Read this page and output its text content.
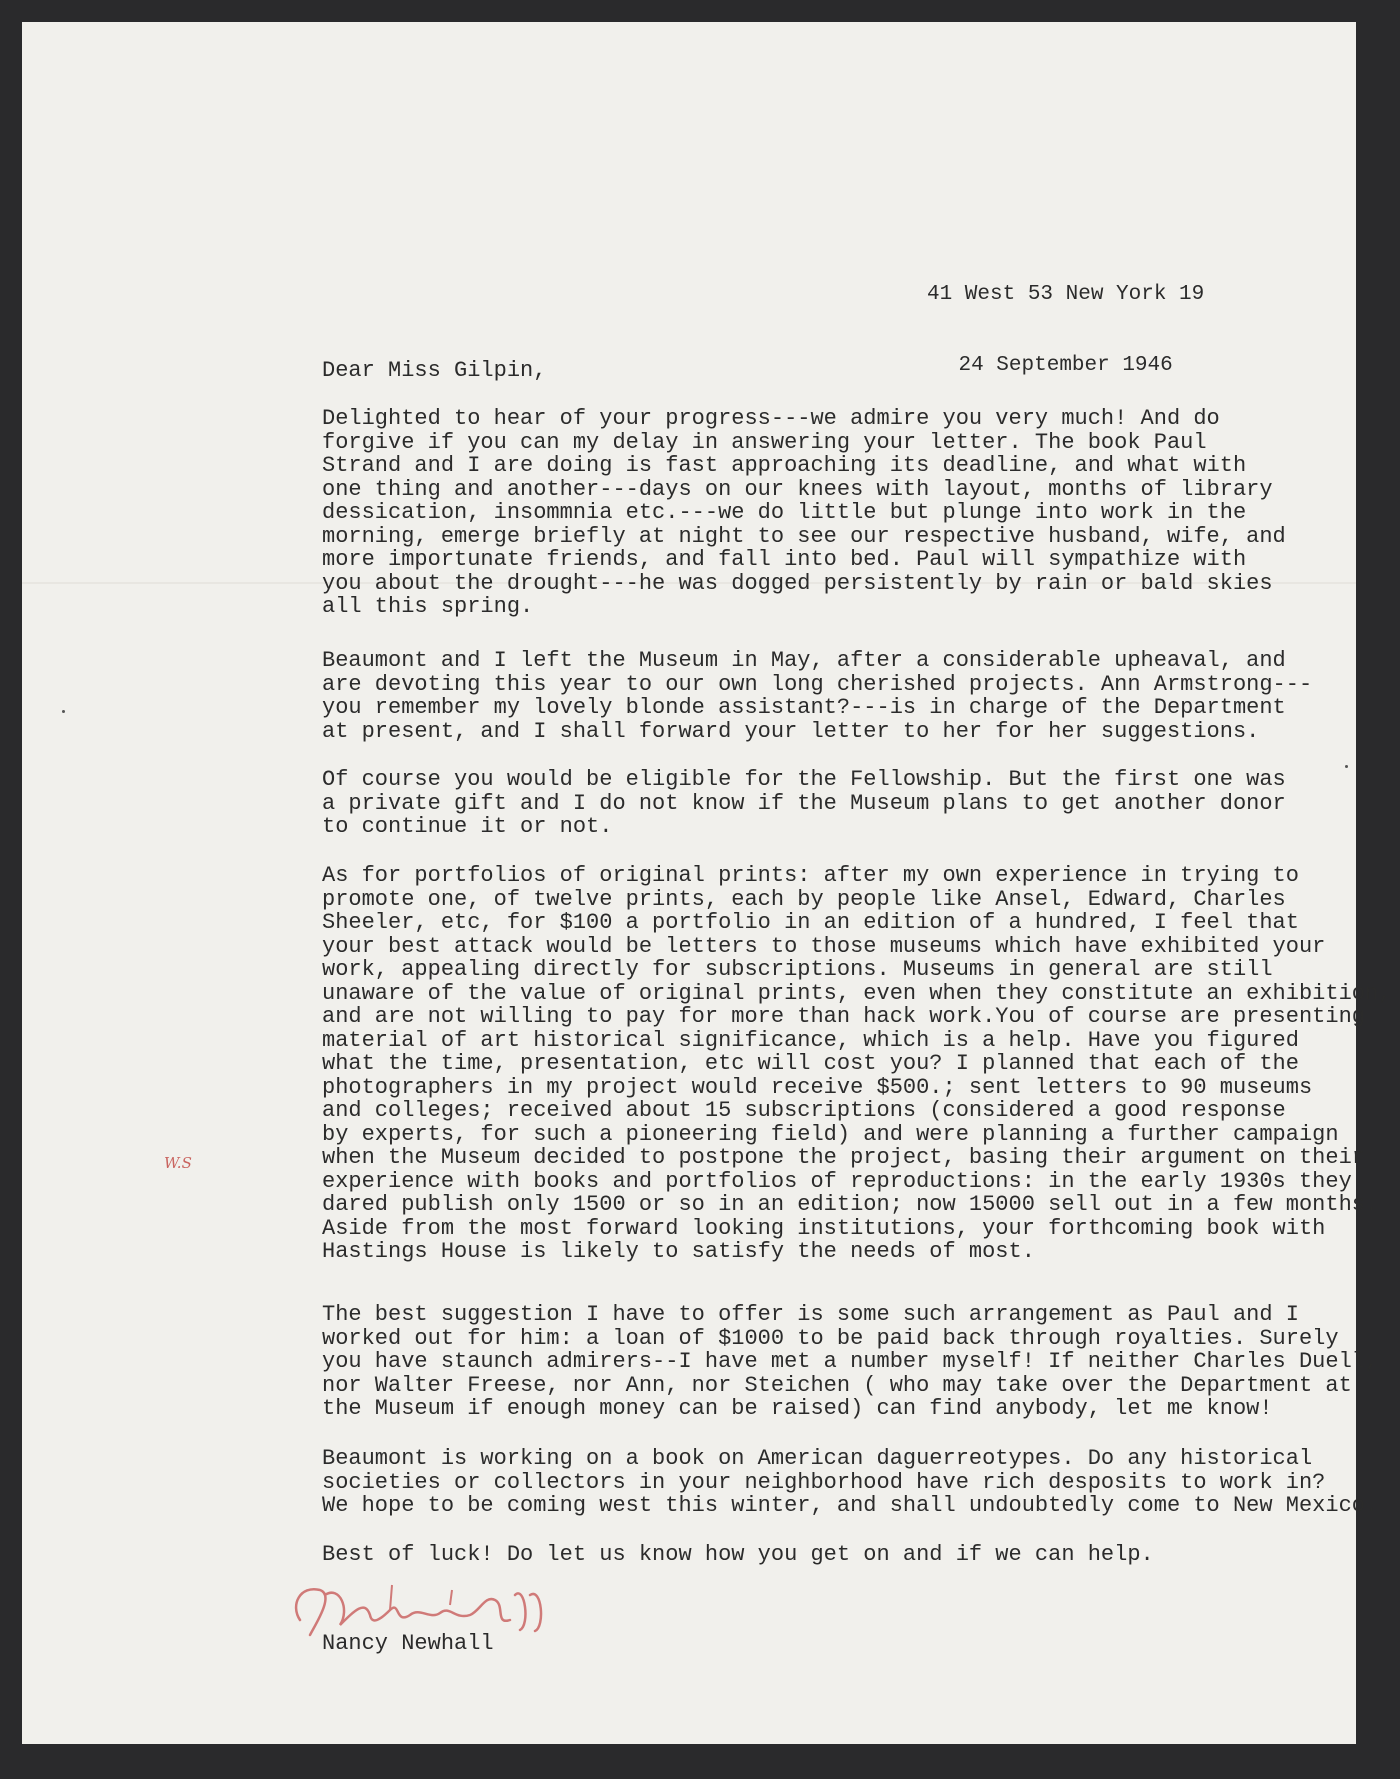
41 West 53 New York 19

24 September 1946

Dear Miss Gilpin,

Delighted to hear of your progress---we admire you very much! And do
forgive if you can my delay in answering your letter. The book Paul
Strand and I are doing is fast approaching its deadline, and what with
one thing and another---days on our knees with layout, months of library
dessication, insommnia etc.---we do little but plunge into work in the
morning, emerge briefly at night to see our respective husband, wife, and
more importunate friends, and fall into bed. Paul will sympathize with
you about the drought---he was dogged persistently by rain or bald skies
all this spring.

Beaumont and I left the Museum in May, after a considerable upheaval, and
are devoting this year to our own long cherished projects. Ann Armstrong---
you remember my lovely blonde assistant?---is in charge of the Department
at present, and I shall forward your letter to her for her suggestions.

Of course you would be eligible for the Fellowship. But the first one was
a private gift and I do not know if the Museum plans to get another donor
to continue it or not.

As for portfolios of original prints: after my own experience in trying to
promote one, of twelve prints, each by people like Ansel, Edward, Charles
Sheeler, etc, for $100 a portfolio in an edition of a hundred, I feel that
your best attack would be letters to those museums which have exhibited your
work, appealing directly for subscriptions. Museums in general are still
unaware of the value of original prints, even when they constitute an exhibition,
and are not willing to pay for more than hack work.You of course are presenting
material of art historical significance, which is a help. Have you figured
what the time, presentation, etc will cost you? I planned that each of the
photographers in my project would receive $500.; sent letters to 90 museums
and colleges; received about 15 subscriptions (considered a good response
by experts, for such a pioneering field) and were planning a further campaign
when the Museum decided to postpone the project, basing their argument on their
experience with books and portfolios of reproductions: in the early 1930s they
dared publish only 1500 or so in an edition; now 15000 sell out in a few months.
Aside from the most forward looking institutions, your forthcoming book with
Hastings House is likely to satisfy the needs of most.

The best suggestion I have to offer is some such arrangement as Paul and I
worked out for him: a loan of $1000 to be paid back through royalties. Surely
you have staunch admirers--I have met a number myself! If neither Charles Duell,
nor Walter Freese, nor Ann, nor Steichen ( who may take over the Department at
the Museum if enough money can be raised) can find anybody, let me know!

Beaumont is working on a book on American daguerreotypes. Do any historical
societies or collectors in your neighborhood have rich desposits to work in?
We hope to be coming west this winter, and shall undoubtedly come to New Mexico.

Best of luck! Do let us know how you get on and if we can help.

W.S

Nancy Newhall
